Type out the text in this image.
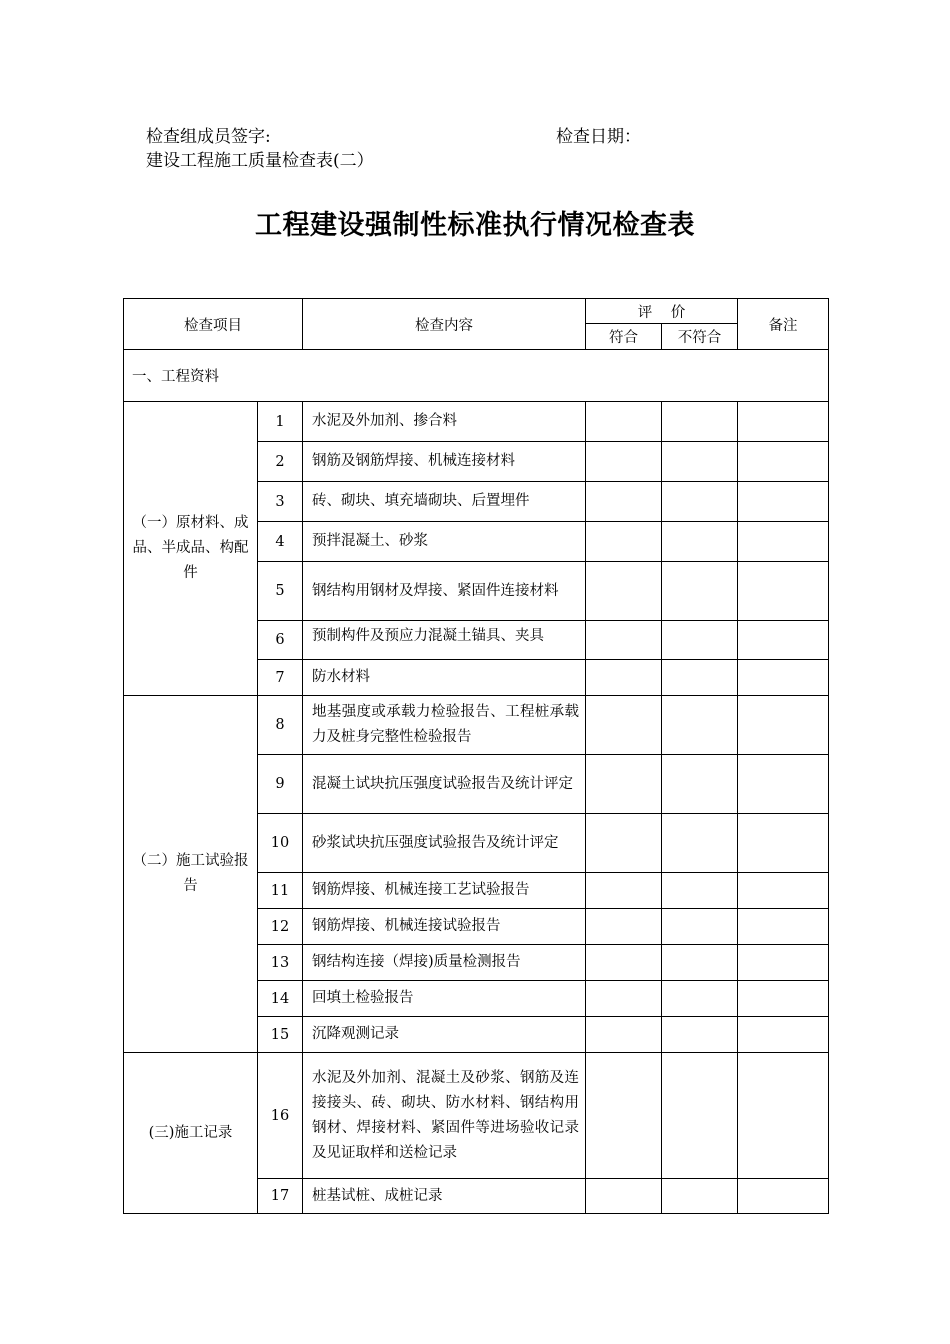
检查组成员签字:	检查日期：
建设工程施工质量检查表(二）
工程建设强制性标准执行情况检查表
检查项目		检查内容	评    价		备注
			符合	不符合	
一、工程资料					
（一）原材料、成品、半成品、构配件	1	水泥及外加剂、掺合料			
	2	钢筋及钢筋焊接、机械连接材料			
	3	砖、砌块、填充墙砌块、后置埋件			
	4	预拌混凝土、砂浆			
	5	钢结构用钢材及焊接、紧固件连接材料			
	6	预制构件及预应力混凝土锚具、夹具			

	7	防水材料			
（二）施工试验报告	8	地基强度或承载力检验报告、工程桩承载力及桩身完整性检验报告			
	9	混凝土试块抗压强度试验报告及统计评定			
	10	砂浆试块抗压强度试验报告及统计评定			
	11	钢筋焊接、机械连接工艺试验报告			
	12	钢筋焊接、机械连接试验报告			
	13	钢结构连接（焊接)质量检测报告			
	14	回填土检验报告			
	15	沉降观测记录			
(三)施工记录	16	水泥及外加剂、混凝土及砂浆、钢筋及连接接头、砖、砌块、防水材料、钢结构用钢材、焊接材料、紧固件等进场验收记录及见证取样和送检记录			
	17	桩基试桩、成桩记录			
